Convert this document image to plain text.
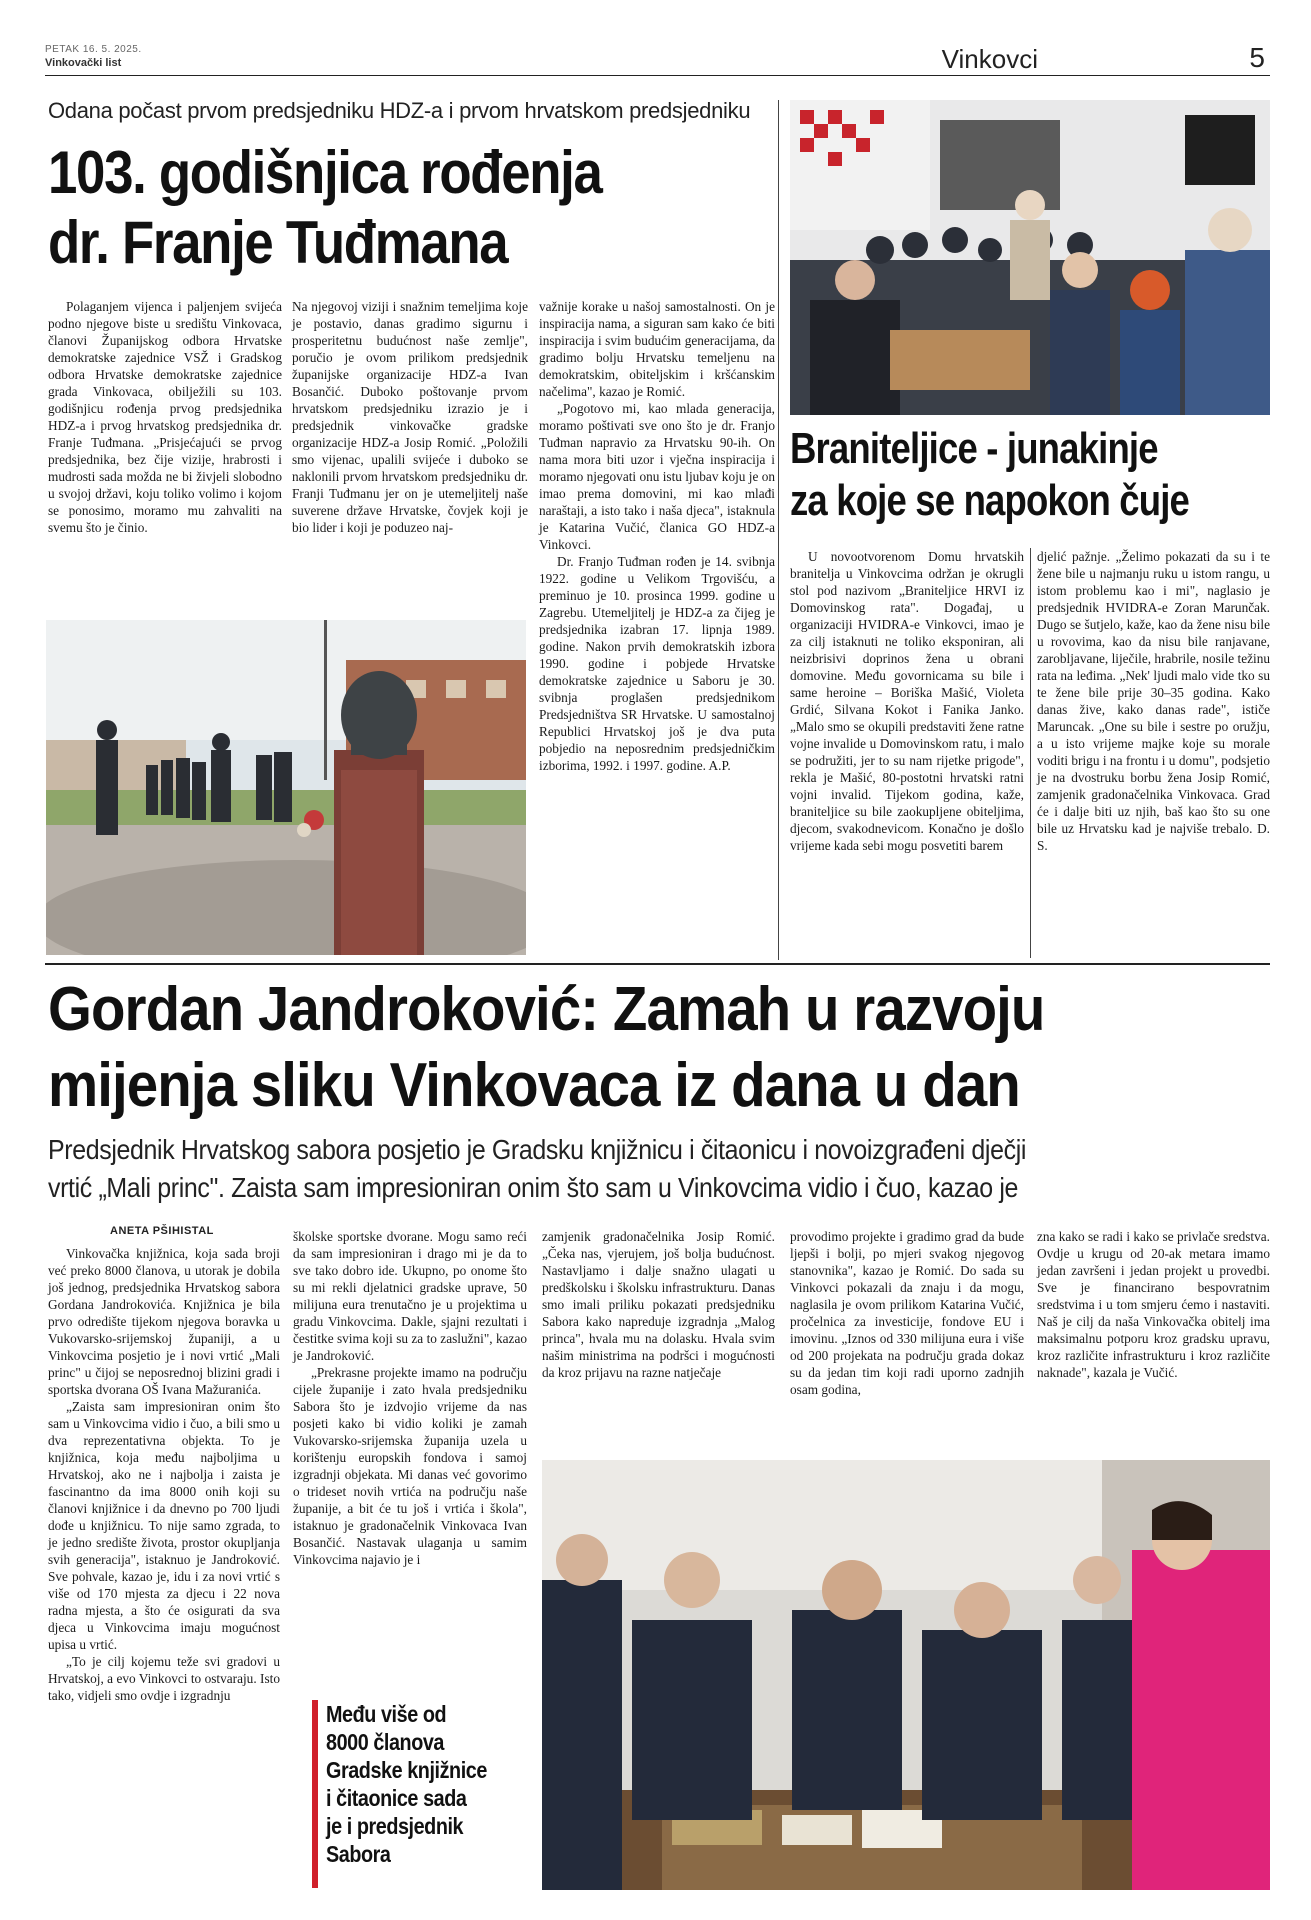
PETAK 16. 5. 2025.
Vinkovački list	Vinkovci	5
Odana počast prvom predsjedniku HDZ-a i prvom hrvatskom predsjedniku
103. godišnjica rođenja
dr. Franje Tuđmana

Polaganjem vijenca i paljenjem svijeća podno njegove biste u središtu Vinkovaca, članovi Županijskog odbora Hrvatske demokratske zajednice VSŽ i Gradskog odbora Hrvatske demokratske zajednice grada Vinkovaca, obilježili su 103. godišnjicu rođenja prvog predsjednika HDZ-a i prvog hrvatskog predsjednika dr. Franje Tuđmana. „Prisjećajući se prvog predsjednika, bez čije vizije, hrabrosti i mudrosti sada možda ne bi živjeli slobodno u svojoj državi, koju toliko volimo i kojom se ponosimo, moramo mu zahvaliti na svemu što je činio.

Na njegovoj viziji i snažnim temeljima koje je postavio, danas gradimo sigurnu i prosperitetnu budućnost naše zemlje", poručio je ovom prilikom predsjednik županijske organizacije HDZ-a Ivan Bosančić. Duboko poštovanje prvom hrvatskom predsjedniku izrazio je i predsjednik vinkovačke gradske organizacije HDZ-a Josip Romić. „Položili smo vijenac, upalili svijeće i duboko se naklonili prvom hrvatskom predsjedniku dr. Franji Tuđmanu jer on je utemeljitelj naše suverene države Hrvatske, čovjek koji je bio lider i koji je poduzeo naj-

važnije korake u našoj samostalnosti. On je inspiracija nama, a siguran sam kako će biti inspiracija i svim budućim generacijama, da gradimo bolju Hrvatsku temeljenu na demokratskim, obiteljskim i kršćanskim načelima", kazao je Romić.

„Pogotovo mi, kao mlada generacija, moramo poštivati sve ono što je dr. Franjo Tuđman napravio za Hrvatsku 90-ih. On nama mora biti uzor i vječna inspiracija i moramo njegovati onu istu ljubav koju je on imao prema domovini, mi kao mlađi naraštaji, a isto tako i naša djeca", istaknula je Katarina Vučić, članica GO HDZ-a Vinkovci.

Dr. Franjo Tuđman rođen je 14. svibnja 1922. godine u Velikom Trgovišću, a preminuo je 10. prosinca 1999. godine u Zagrebu. Utemeljitelj je HDZ-a za čijeg je predsjednika izabran 17. lipnja 1989. godine. Nakon prvih demokratskih izbora 1990. godine i pobjede Hrvatske demokratske zajednice u Saboru je 30. svibnja proglašen predsjednikom Predsjedništva SR Hrvatske. U samostalnoj Republici Hrvatskoj još je dva puta pobjedio na neposrednim predsjedničkim izborima, 1992. i 1997. godine. A.P.

Braniteljice - junakinje
za koje se napokon čuje

U novootvorenom Domu hrvatskih branitelja u Vinkovcima održan je okrugli stol pod nazivom „Braniteljice HRVI iz Domovinskog rata". Događaj, u organizaciji HVIDRA-e Vinkovci, imao je za cilj istaknuti ne toliko eksponiran, ali neizbrisivi doprinos žena u obrani domovine. Među govornicama su bile i same heroine – Boriška Mašić, Violeta Grdić, Silvana Kokot i Fanika Janko. „Malo smo se okupili predstaviti žene ratne vojne invalide u Domovinskom ratu, i malo se podružiti, jer to su nam rijetke prigode", rekla je Mašić, 80-postotni hrvatski ratni vojni invalid. Tijekom godina, kaže, braniteljice su bile zaokupljene obiteljima, djecom, svakodnevicom. Konačno je došlo vrijeme kada sebi mogu posvetiti barem

djelić pažnje. „Želimo pokazati da su i te žene bile u najmanju ruku u istom rangu, u istom problemu kao i mi", naglasio je predsjednik HVIDRA-e Zoran Marunčak. Dugo se šutjelo, kaže, kao da žene nisu bile u rovovima, kao da nisu bile ranjavane, zarobljavane, liječile, hrabrile, nosile težinu rata na leđima. „Nek' ljudi malo vide tko su te žene bile prije 30–35 godina. Kako danas žive, kako danas rade", ističe Maruncak. „One su bile i sestre po oružju, a u isto vrijeme majke koje su morale voditi brigu i na frontu i u domu", podsjetio je na dvostruku borbu žena Josip Romić, zamjenik gradonačelnika Vinkovaca. Grad će i dalje biti uz njih, baš kao što su one bile uz Hrvatsku kad je najviše trebalo. D. S.

Gordan Jandroković: Zamah u razvoju
mijenja sliku Vinkovaca iz dana u dan
Predsjednik Hrvatskog sabora posjetio je Gradsku knjižnicu i čitaonicu i novoizgrađeni dječji
vrtić „Mali princ". Zaista sam impresioniran onim što sam u Vinkovcima vidio i čuo, kazao je
ANETA PŠIHISTAL

Vinkovačka knjižnica, koja sada broji već preko 8000 članova, u utorak je dobila još jednog, predsjednika Hrvatskog sabora Gordana Jandrokovića. Knjižnica je bila prvo odredište tijekom njegova boravka u Vukovarsko-srijemskoj županiji, a u Vinkovcima posjetio je i novi vrtić „Mali princ" u čijoj se neposrednoj blizini gradi i sportska dvorana OŠ Ivana Mažuranića.

„Zaista sam impresioniran onim što sam u Vinkovcima vidio i čuo, a bili smo u dva reprezentativna objekta. To je knjižnica, koja među najboljima u Hrvatskoj, ako ne i najbolja i zaista je fascinantno da ima 8000 onih koji su članovi knjižnice i da dnevno po 700 ljudi dođe u knjižnicu. To nije samo zgrada, to je jedno središte života, prostor okupljanja svih generacija", istaknuo je Jandroković. Sve pohvale, kazao je, idu i za novi vrtić s više od 170 mjesta za djecu i 22 nova radna mjesta, a što će osigurati da sva djeca u Vinkovcima imaju mogućnost upisa u vrtić.

„To je cilj kojemu teže svi gradovi u Hrvatskoj, a evo Vinkovci to ostvaraju. Isto tako, vidjeli smo ovdje i izgradnju

školske sportske dvorane. Mogu samo reći da sam impresioniran i drago mi je da to sve tako dobro ide. Ukupno, po onome što su mi rekli djelatnici gradske uprave, 50 milijuna eura trenutačno je u projektima u gradu Vinkovcima. Dakle, sjajni rezultati i čestitke svima koji su za to zaslužni", kazao je Jandroković.

„Prekrasne projekte imamo na području cijele županije i zato hvala predsjedniku Sabora što je izdvojio vrijeme da nas posjeti kako bi vidio koliki je zamah Vukovarsko-srijemska županija uzela u korištenju europskih fondova i samoj izgradnji objekata. Mi danas već govorimo o trideset novih vrtića na području naše županije, a bit će tu još i vrtića i škola", istaknuo je gradonačelnik Vinkovaca Ivan Bosančić. Nastavak ulaganja u samim Vinkovcima najavio je i

zamjenik gradonačelnika Josip Romić. „Čeka nas, vjerujem, još bolja budućnost. Nastavljamo i dalje snažno ulagati u predškolsku i školsku infrastrukturu. Danas smo imali priliku pokazati predsjedniku Sabora kako napreduje izgradnja „Malog princa", hvala mu na dolasku. Hvala svim našim ministrima na podršci i mogućnosti da kroz prijavu na razne natječaje

provodimo projekte i gradimo grad da bude ljepši i bolji, po mjeri svakog njegovog stanovnika", kazao je Romić. Do sada su Vinkovci pokazali da znaju i da mogu, naglasila je ovom prilikom Katarina Vučić, pročelnica za investicije, fondove EU i imovinu. „Iznos od 330 milijuna eura i više od 200 projekata na području grada dokaz su da jedan tim koji radi uporno zadnjih osam godina,

zna kako se radi i kako se privlače sredstva. Ovdje u krugu od 20-ak metara imamo jedan završeni i jedan projekt u provedbi. Sve je financirano bespovratnim sredstvima i u tom smjeru ćemo i nastaviti. Naš je cilj da naša Vinkovačka obitelj ima maksimalnu potporu kroz gradsku upravu, kroz različite infrastrukturu i kroz različite naknade", kazala je Vučić.

Među više od
8000 članova
Gradske knjižnice
i čitaonice sada
je i predsjednik
Sabora
